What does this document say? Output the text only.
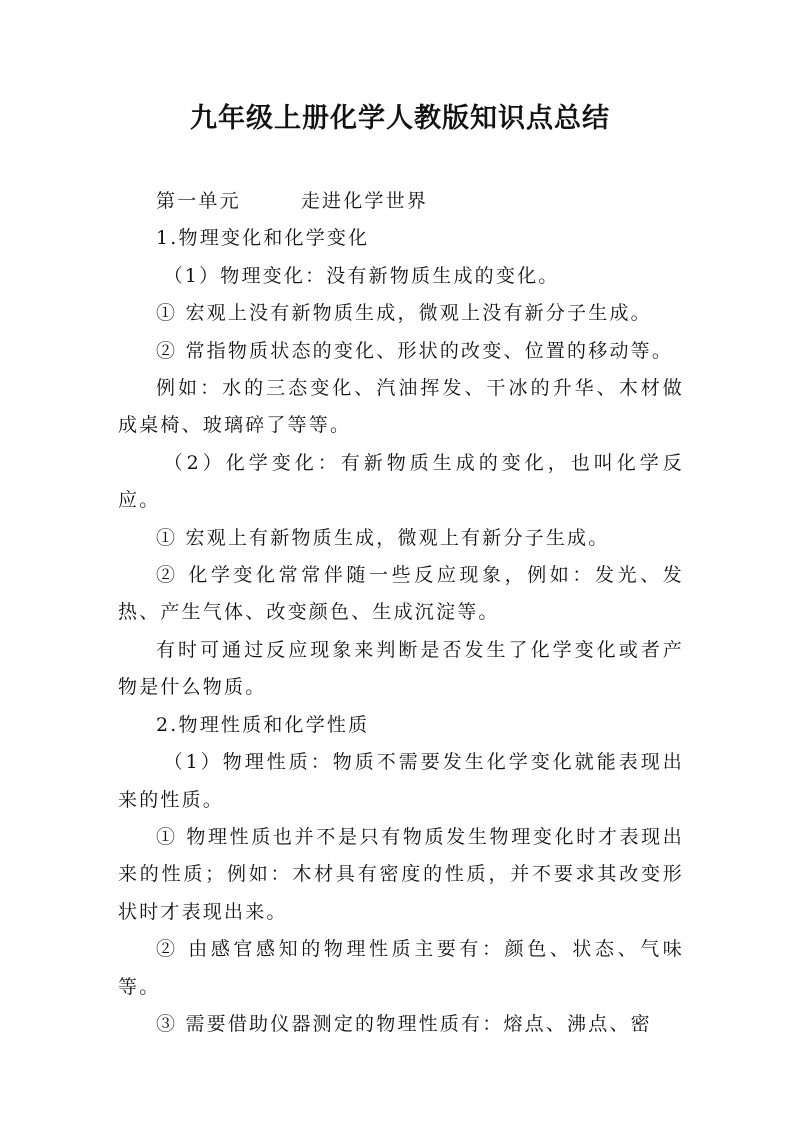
九年级上册化学人教版知识点总结

第一单元	走进化学世界

1.物理变化和化学变化

（1）物理变化：没有新物质生成的变化。

① 宏观上没有新物质生成，微观上没有新分子生成。

② 常指物质状态的变化、形状的改变、位置的移动等。

例如：水的三态变化、汽油挥发、干冰的升华、木材做成桌椅、玻璃碎了等等。

（2）化学变化：有新物质生成的变化，也叫化学反应。

① 宏观上有新物质生成，微观上有新分子生成。

② 化学变化常常伴随一些反应现象，例如：发光、发热、产生气体、改变颜色、生成沉淀等。

有时可通过反应现象来判断是否发生了化学变化或者产物是什么物质。

2.物理性质和化学性质

（1）物理性质：物质不需要发生化学变化就能表现出来的性质。

① 物理性质也并不是只有物质发生物理变化时才表现出来的性质；例如：木材具有密度的性质，并不要求其改变形状时才表现出来。

② 由感官感知的物理性质主要有：颜色、状态、气味等。

③ 需要借助仪器测定的物理性质有：熔点、沸点、密
